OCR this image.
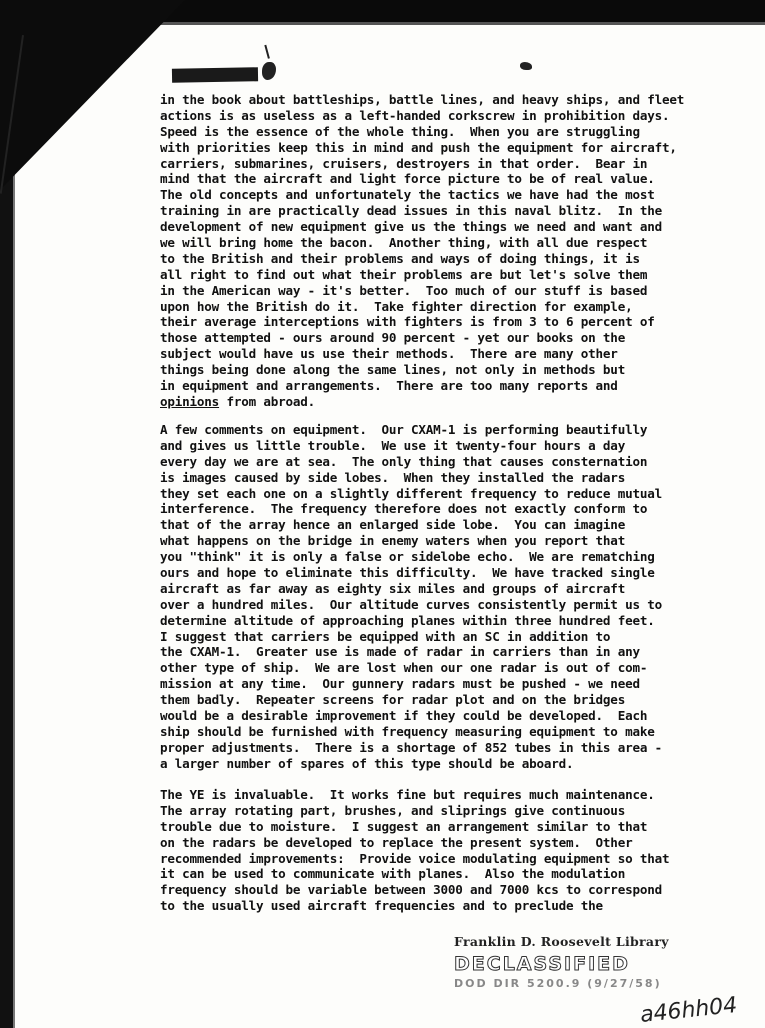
in the book about battleships, battle lines, and heavy ships, and fleet
actions is as useless as a left-handed corkscrew in prohibition days.
Speed is the essence of the whole thing.  When you are struggling
with priorities keep this in mind and push the equipment for aircraft,
carriers, submarines, cruisers, destroyers in that order.  Bear in
mind that the aircraft and light force picture to be of real value.
The old concepts and unfortunately the tactics we have had the most
training in are practically dead issues in this naval blitz.  In the
development of new equipment give us the things we need and want and
we will bring home the bacon.  Another thing, with all due respect
to the British and their problems and ways of doing things, it is
all right to find out what their problems are but let's solve them
in the American way - it's better.  Too much of our stuff is based
upon how the British do it.  Take fighter direction for example,
their average interceptions with fighters is from 3 to 6 percent of
those attempted - ours around 90 percent - yet our books on the
subject would have us use their methods.  There are many other
things being done along the same lines, not only in methods but
in equipment and arrangements.  There are too many reports and
opinions from abroad.
A few comments on equipment.  Our CXAM-1 is performing beautifully
and gives us little trouble.  We use it twenty-four hours a day
every day we are at sea.  The only thing that causes consternation
is images caused by side lobes.  When they installed the radars
they set each one on a slightly different frequency to reduce mutual
interference.  The frequency therefore does not exactly conform to
that of the array hence an enlarged side lobe.  You can imagine
what happens on the bridge in enemy waters when you report that
you "think" it is only a false or sidelobe echo.  We are rematching
ours and hope to eliminate this difficulty.  We have tracked single
aircraft as far away as eighty six miles and groups of aircraft
over a hundred miles.  Our altitude curves consistently permit us to
determine altitude of approaching planes within three hundred feet.
I suggest that carriers be equipped with an SC in addition to
the CXAM-1.  Greater use is made of radar in carriers than in any
other type of ship.  We are lost when our one radar is out of com-
mission at any time.  Our gunnery radars must be pushed - we need
them badly.  Repeater screens for radar plot and on the bridges
would be a desirable improvement if they could be developed.  Each
ship should be furnished with frequency measuring equipment to make
proper adjustments.  There is a shortage of 852 tubes in this area -
a larger number of spares of this type should be aboard.
The YE is invaluable.  It works fine but requires much maintenance.
The array rotating part, brushes, and sliprings give continuous
trouble due to moisture.  I suggest an arrangement similar to that
on the radars be developed to replace the present system.  Other
recommended improvements:  Provide voice modulating equipment so that
it can be used to communicate with planes.  Also the modulation
frequency should be variable between 3000 and 7000 kcs to correspond
to the usually used aircraft frequencies and to preclude the
Franklin D. Roosevelt Library
DECLASSIFIED
DOD DIR 5200.9 (9/27/58)
a46hh04
